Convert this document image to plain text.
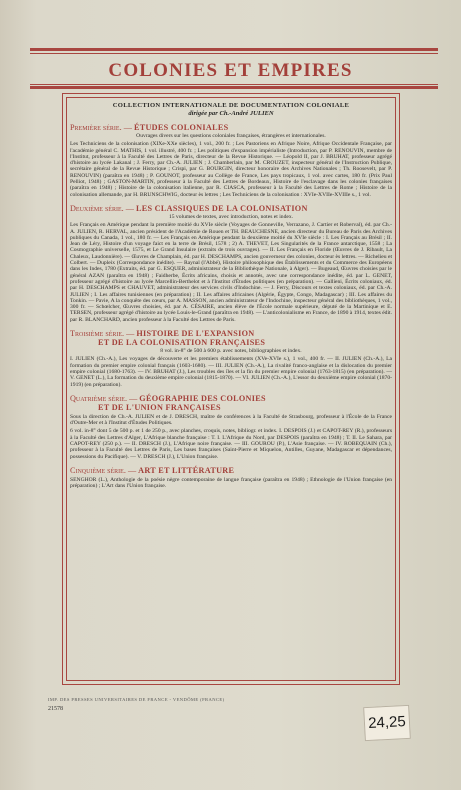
COLONIES ET EMPIRES
COLLECTION INTERNATIONALE DE DOCUMENTATION COLONIALE
dirigée par Ch.-André JULIEN
Première série. — ÉTUDES COLONIALES
Ouvrages divers sur les questions coloniales françaises, étrangères et internationales.
Les Techniciens de la colonisation (XIXe-XXe siècles), 1 vol., 200 fr. ; Les Pastoriens en Afrique Noire, Afrique Occidentale Française, par l'académie général C. MATHIS, 1 vol. illustré, 400 fr. ; Les politiques d'expansion impérialiste (Introduction, par P. RENOUVIN, membre de l'Institut, professeur à la Faculté des Lettres de Paris, directeur de la Revue Historique. — Léopold II, par J. BRUHAT, professeur agrégé d'histoire au lycée Lakanal ; J. Ferry, par Ch.-A. JULIEN ; J. Chamberlain, par M. CROUZET, inspecteur général de l'Instruction Publique, secrétaire général de la Revue Historique ; Crispi, par G. BOURGIN, directeur honoraire des Archives Nationales ; Th. Roosevelt, par P. RENOUVIN) (paraîtra en 1948) ; P. GOUNOT, professeur au Collège de France, Les pays tropicaux, 1 vol. avec cartes, 180 fr. (Prix Paul Pelliot, 1948) ; GASTON-MARTIN, professeur à la Faculté des Lettres de Bordeaux, Histoire de l'esclavage dans les colonies françaises (paraîtra en 1948) ; Histoire de la colonisation italienne, par R. CIASCA, professeur à la Faculté des Lettres de Rome ; Histoire de la colonisation allemande, par H. BRUNSCHWIG, docteur ès lettres ; Les Techniciens de la colonisation : XVIe-XVIIe-XVIIIe s., 1 vol.
Deuxième série. — LES CLASSIQUES DE LA COLONISATION
15 volumes de textes, avec introduction, notes et index.
Les Français en Amérique pendant la première moitié du XVIe siècle (Voyages de Gonneville, Verrazano, J. Cartier et Roberval), éd. par Ch.-A. JULIEN, R. HERVAL, ancien président de l'Académie de Rouen et TH. BEAUCHESNE, ancien directeur du Bureau de Paris des Archives publiques du Canada, 1 vol., 180 fr. — Les Français en Amérique pendant la deuxième moitié du XVIe siècle : I. Les Français au Brésil ; II. Jean de Léry, Histoire d'un voyage faict en la terre de Brésil, 1578 ; 2) A. THEVET, Les Singularités de la France antarctique, 1558 ; La Cosmographie universelle, 1575, et Le Grand Insulaire (extraits de trois ouvrages). — II. Les Français en Floride (Œuvres de J. Ribault, La Chaleux, Laudonnière). — Œuvres de Champlain, éd. par H. DESCHAMPS, ancien gouverneur des colonies, docteur ès lettres. — Richelieu et Colbert. — Dupleix (Correspondance inédite). — Raynal (l'Abbé), Histoire philosophique des Établissements et du Commerce des Européens dans les Indes, 1780 (Extraits, éd. par G. ESQUER, administrateur de la Bibliothèque Nationale, à Alger). — Bugeaud, Œuvres choisies par le général AZAN (paraîtra en 1948) ; Faidherbe, Écrits africains, choisis et annotés, avec une correspondance inédite, éd. par L. GENET, professeur agrégé d'histoire au lycée Marcellin-Berthelot et à l'Institut d'Études politiques (en préparation). — Gallieni, Écrits coloniaux, éd. par H. DESCHAMPS et CHAUVET, administrateur des services civils d'Indochine. — J. Ferry, Discours et textes coloniaux, éd. par Ch.-A. JULIEN ; I. Les affaires tunisiennes (en préparation) ; II. Les affaires africaines (Algérie, Égypte, Congo, Madagascar) ; III. Les affaires du Tonkin. — Pavie, A la conquête des cœurs, par A. MASSON, ancien administrateur de l'Indochine, inspecteur général des bibliothèques, 1 vol., 300 fr. — Schœlcher, Œuvres choisies, éd. par A. CÉSAIRE, ancien élève de l'École normale supérieure, député de la Martinique et E. TERSEN, professeur agrégé d'histoire au lycée Louis-le-Grand (paraîtra en 1948). — L'anticolonialisme en France, de 1890 à 1914, textes édit. par R. BLANCHARD, ancien professeur à la Faculté des Lettres de Paris.
Troisième série. — HISTOIRE DE L'EXPANSION
ET DE LA COLONISATION FRANÇAISES
8 vol. in-8° de 500 à 600 p. avec notes, bibliographies et index.
I. JULIEN (Ch.-A.), Les voyages de découverte et les premiers établissements (XVe-XVIe s.), 1 vol., 400 fr. — II. JULIEN (Ch.-A.), La formation du premier empire colonial français (1603-1680). — III. JULIEN (Ch.-A.), La rivalité franco-anglaise et la dislocation du premier empire colonial (1680-1763). — IV. BRUHAT (J.), Les troubles des îles et la fin du premier empire colonial (1763-1815) (en préparation). — V. GENET (L.), La formation du deuxième empire colonial (1815-1870). — VI. JULIEN (Ch.-A.), L'essor du deuxième empire colonial (1870-1919) (en préparation).
Quatrième série. — GÉOGRAPHIE DES COLONIES
ET DE L'UNION FRANÇAISES
Sous la direction de Ch.-A. JULIEN et de J. DRESCH, maître de conférences à la Faculté de Strasbourg, professeur à l'École de la France d'Outre-Mer et à l'Institut d'Études Politiques.
6 vol. in-8° dont 5 de 500 p. et 1 de 250 p., avec planches, croquis, notes, bibliogr. et index. I. DESPOIS (J.) et CAPOT-REY (R.), professeurs à la Faculté des Lettres d'Alger, L'Afrique blanche française : T. I. L'Afrique du Nord, par DESPOIS (paraîtra en 1948) ; T. II. Le Sahara, par CAPOT-REY (250 p.). — II. DRESCH (J.), L'Afrique noire française. — III. GOUROU (P.), L'Asie française. — IV. ROBEQUAIN (Ch.), professeur à la Faculté des Lettres de Paris, Les bases françaises (Saint-Pierre et Miquelon, Antilles, Guyane, Madagascar et dépendances, possessions du Pacifique). — V. DRESCH (J.), L'Union française.
Cinquième série. — ART ET LITTÉRATURE
SENGHOR (L.), Anthologie de la poésie nègre contemporaine de langue française (paraîtra en 1948) ; Ethnologie de l'Union française (en préparation) ; L'Art dans l'Union française.
IMP. DES PRESSES UNIVERSITAIRES DE FRANCE - VENDÔME (FRANCE)
21578
24,25
